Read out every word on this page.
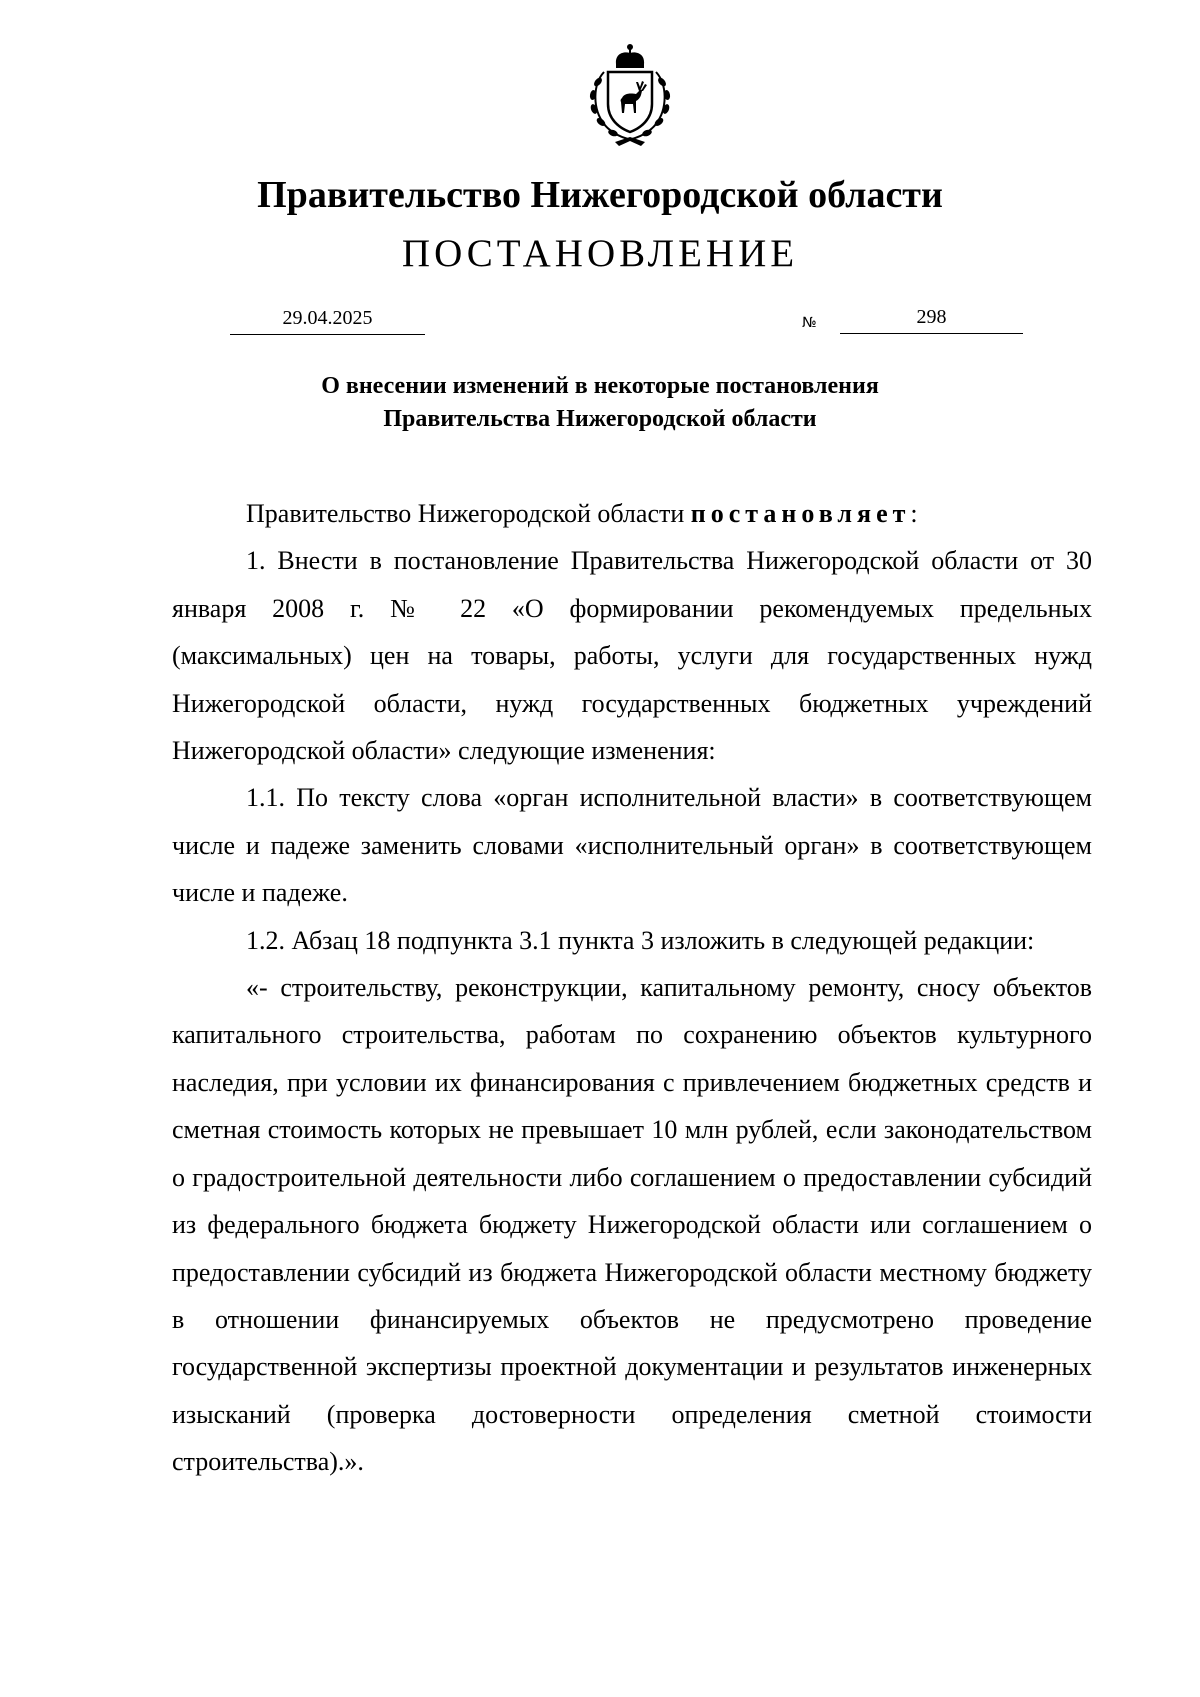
Правительство Нижегородской области
ПОСТАНОВЛЕНИЕ
29.04.2025	№	298
О внесении изменений в некоторые постановления
Правительства Нижегородской области

Правительство Нижегородской области постановляет:

1. Внести в постановление Правительства Нижегородской области от 30 января 2008 г. № 22 «О формировании рекомендуемых предельных (максимальных) цен на товары, работы, услуги для государственных нужд Нижегородской области, нужд государственных бюджетных учреждений Нижегородской области» следующие изменения:

1.1. По тексту слова «орган исполнительной власти» в соответствующем числе и падеже заменить словами «исполнительный орган» в соответствующем числе и падеже.

1.2. Абзац 18 подпункта 3.1 пункта 3 изложить в следующей редакции:

«- строительству, реконструкции, капитальному ремонту, сносу объектов капитального строительства, работам по сохранению объектов культурного наследия, при условии их финансирования с привлечением бюджетных средств и сметная стоимость которых не превышает 10 млн рублей, если законодательством о градостроительной деятельности либо соглашением о предоставлении субсидий из федерального бюджета бюджету Нижегородской области или соглашением о предоставлении субсидий из бюджета Нижегородской области местному бюджету в отношении финансируемых объектов не предусмотрено проведение государственной экспертизы проектной документации и результатов инженерных изысканий (проверка достоверности определения сметной стоимости строительства).».
